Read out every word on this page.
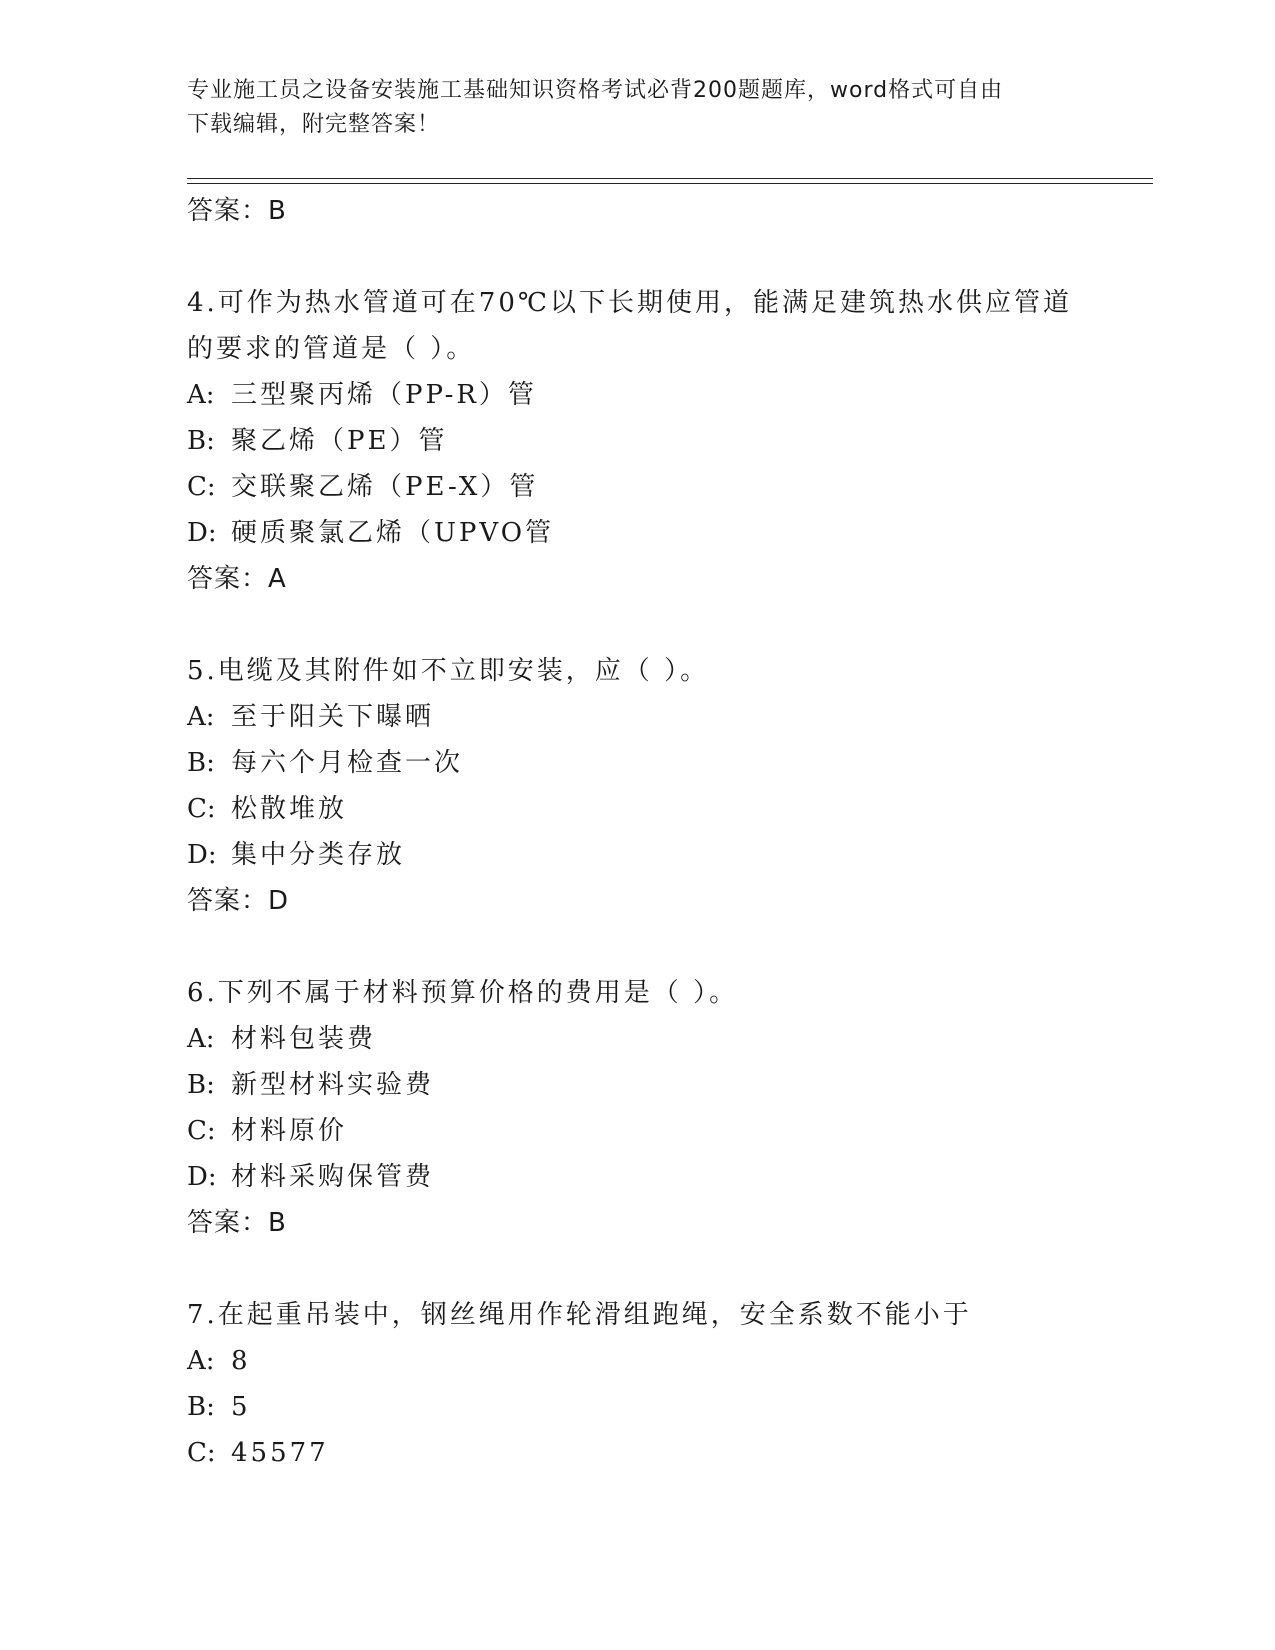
专业施工员之设备安装施工基础知识资格考试必背200题题库，word格式可自由
下载编辑，附完整答案！
答案：B
4.可作为热水管道可在70℃以下长期使用，能满足建筑热水供应管道
的要求的管道是（ ）。
A: 三型聚丙烯（PP-R）管
B: 聚乙烯（PE）管
C: 交联聚乙烯（PE-X）管
D: 硬质聚氯乙烯（UPVO管
答案：A
5.电缆及其附件如不立即安装，应（ ）。
A: 至于阳关下曝晒
B: 每六个月检查一次
C: 松散堆放
D: 集中分类存放
答案：D
6.下列不属于材料预算价格的费用是（ ）。
A: 材料包装费
B: 新型材料实验费
C: 材料原价
D: 材料采购保管费
答案：B
7.在起重吊装中，钢丝绳用作轮滑组跑绳，安全系数不能小于
A: 8
B: 5
C: 45577
